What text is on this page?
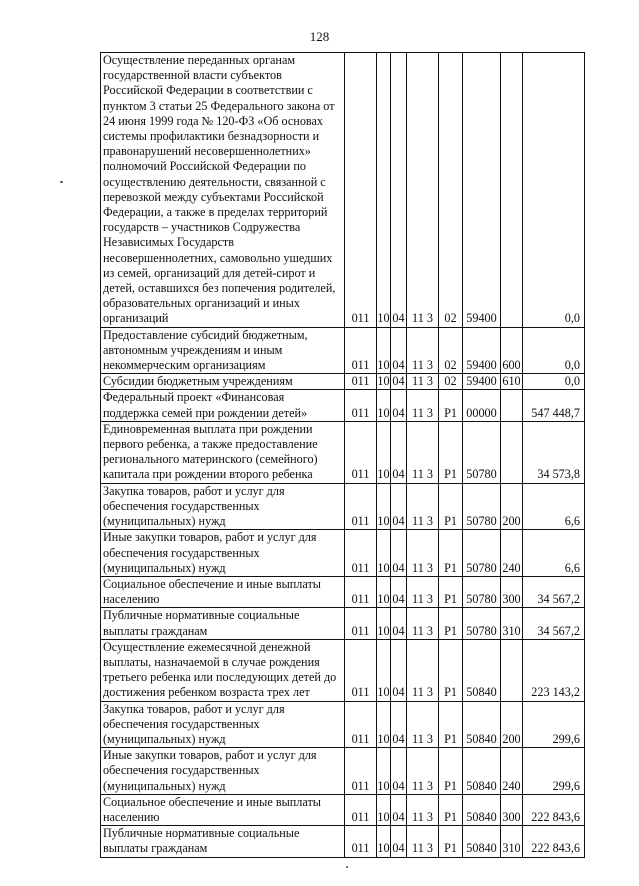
128
Осуществление переданных органам государственной власти субъектов Российской Федерации в соответствии с пунктом 3 статьи 25 Федерального закона от 24 июня 1999 года № 120-ФЗ «Об основах системы профилактики безнадзорности и правонарушений несовершеннолетних» полномочий Российской Федерации по осуществлению деятельности, связанной с перевозкой между субъектами Российской Федерации, а также в пределах территорий государств – участников Содружества Независимых Государств несовершеннолетних, самовольно ушедших из семей, организаций для детей-сирот и детей, оставшихся без попечения родителей, образовательных организаций и иных организаций	011	10	04	11 3	02	59400		0,0
Предоставление субсидий бюджетным, автономным учреждениям и иным некоммерческим организациям	011	10	04	11 3	02	59400	600	0,0
Субсидии бюджетным учреждениям	011	10	04	11 3	02	59400	610	0,0
Федеральный проект «Финансовая поддержка семей при рождении детей»	011	10	04	11 3	P1	00000		547 448,7
Единовременная выплата при рождении первого ребенка, а также предоставление регионального материнского (семейного) капитала при рождении второго ребенка	011	10	04	11 3	P1	50780		34 573,8
Закупка товаров, работ и услуг для обеспечения государственных (муниципальных) нужд	011	10	04	11 3	P1	50780	200	6,6
Иные закупки товаров, работ и услуг для обеспечения государственных (муниципальных) нужд	011	10	04	11 3	P1	50780	240	6,6
Социальное обеспечение и иные выплаты населению	011	10	04	11 3	P1	50780	300	34 567,2
Публичные нормативные социальные выплаты гражданам	011	10	04	11 3	P1	50780	310	34 567,2
Осуществление ежемесячной денежной выплаты, назначаемой в случае рождения третьего ребенка или последующих детей до достижения ребенком возраста трех лет	011	10	04	11 3	P1	50840		223 143,2
Закупка товаров, работ и услуг для обеспечения государственных (муниципальных) нужд	011	10	04	11 3	P1	50840	200	299,6
Иные закупки товаров, работ и услуг для обеспечения государственных (муниципальных) нужд	011	10	04	11 3	P1	50840	240	299,6
Социальное обеспечение и иные выплаты населению	011	10	04	11 3	P1	50840	300	222 843,6
Публичные нормативные социальные выплаты гражданам	011	10	04	11 3	P1	50840	310	222 843,6
